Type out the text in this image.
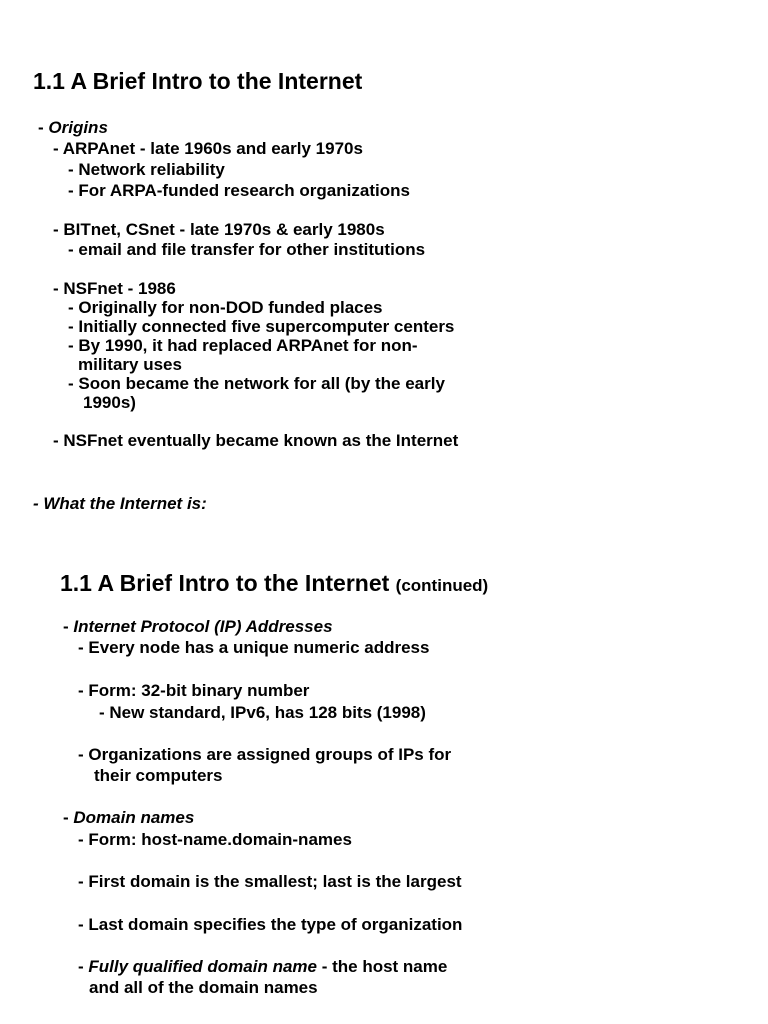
1.1 A Brief Intro to the Internet
- Origins
- ARPAnet - late 1960s and early 1970s
- Network reliability
- For ARPA-funded research organizations
- BITnet, CSnet - late 1970s & early 1980s
- email and file transfer for other institutions
- NSFnet - 1986
- Originally for non-DOD funded places
- Initially connected five supercomputer centers
- By 1990, it had replaced ARPAnet for non-
military uses
- Soon became the network for all (by the early
1990s)
- NSFnet eventually became known as the Internet
- What the Internet is:
1.1 A Brief Intro to the Internet (continued)
- Internet Protocol (IP) Addresses
- Every node has a unique numeric address
- Form: 32-bit binary number
- New standard, IPv6, has 128 bits (1998)
- Organizations are assigned groups of IPs for
their computers
- Domain names
- Form: host-name.domain-names
- First domain is the smallest; last is the largest
- Last domain specifies the type of organization
- Fully qualified domain name - the host name
and all of the domain names
